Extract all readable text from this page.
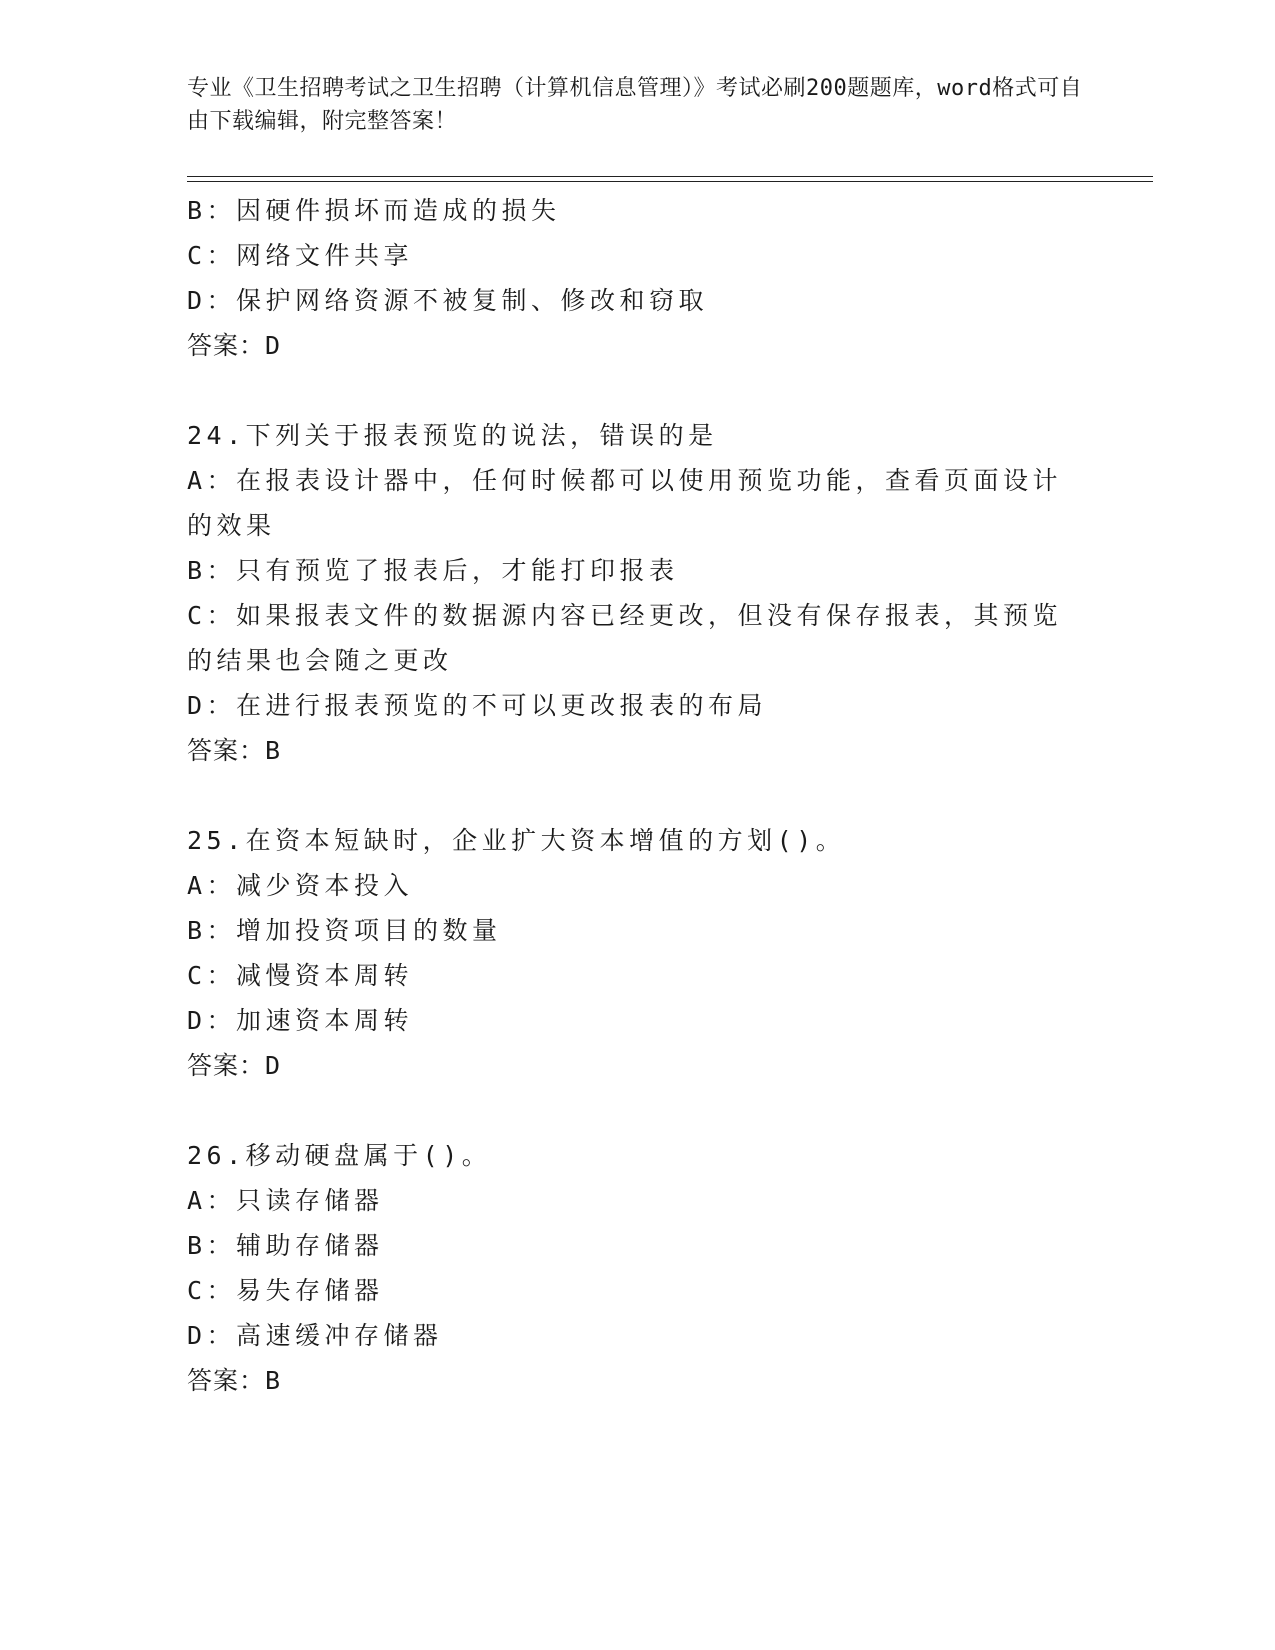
专业《卫生招聘考试之卫生招聘（计算机信息管理）》考试必刷200题题库，word格式可自由下载编辑，附完整答案！

B：因硬件损坏而造成的损失

C：网络文件共享

D：保护网络资源不被复制、修改和窃取

答案：D

24.下列关于报表预览的说法，错误的是

A：在报表设计器中，任何时候都可以使用预览功能，查看页面设计的效果

B：只有预览了报表后，才能打印报表

C：如果报表文件的数据源内容已经更改，但没有保存报表，其预览的结果也会随之更改

D：在进行报表预览的不可以更改报表的布局

答案：B

25.在资本短缺时，企业扩大资本增值的方划()。

A：减少资本投入

B：增加投资项目的数量

C：减慢资本周转

D：加速资本周转

答案：D

26.移动硬盘属于()。

A：只读存储器

B：辅助存储器

C：易失存储器

D：高速缓冲存储器

答案：B
